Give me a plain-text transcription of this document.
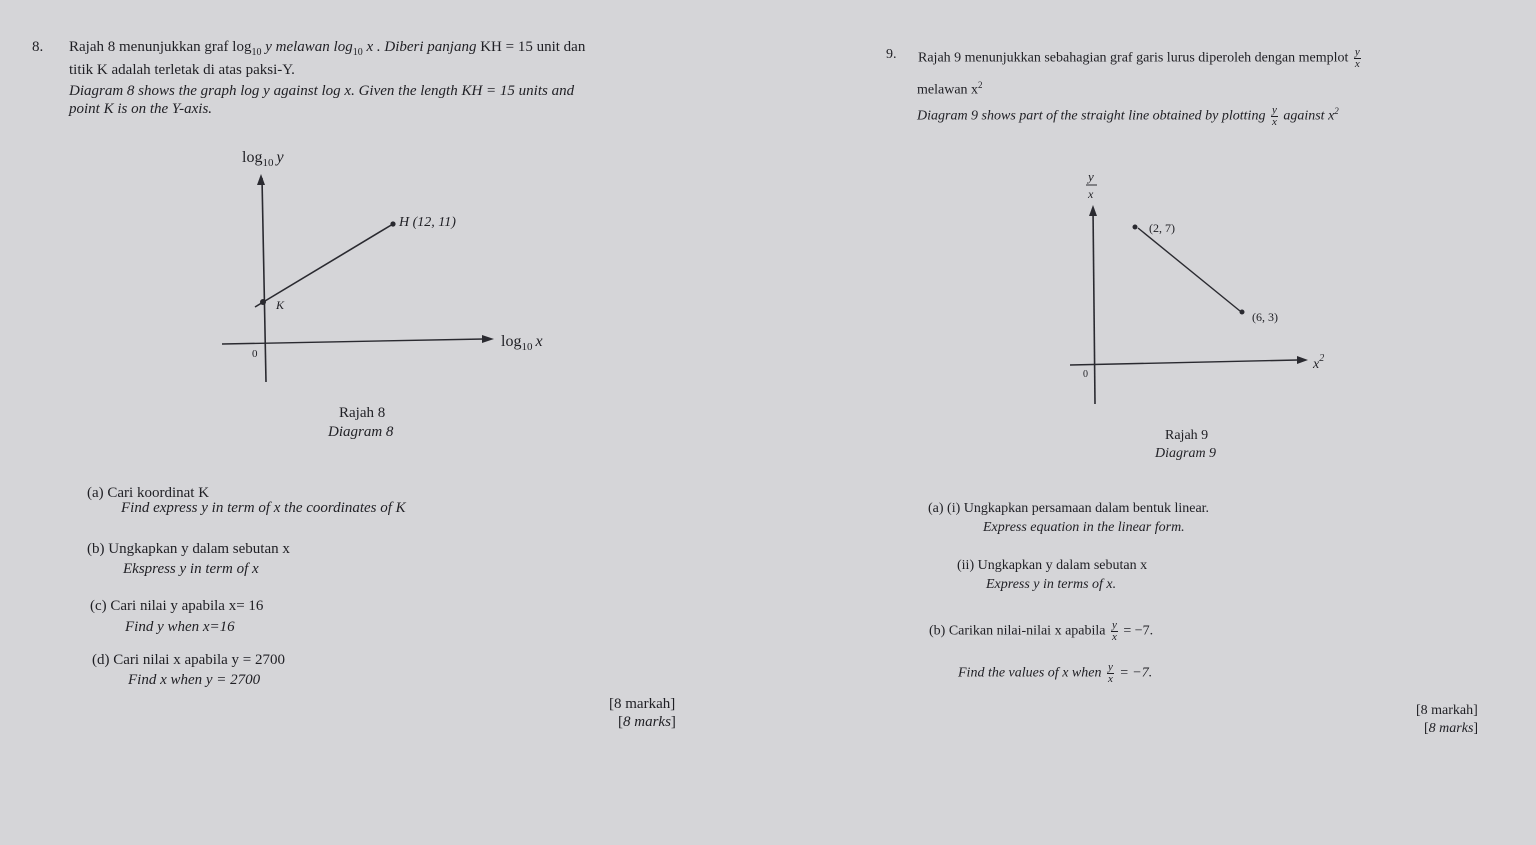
8. Rajah 8 menunjukkan graf $\log_{10} y$ melawan $\log_{10} x$ . Diberi panjang KH = 15 unit dan
titik K adalah terletak di atas paksi-Y.
Diagram 8 shows the graph log y against log x. Given the length KH = 15 units and
point K is on the Y-axis.
$\log_{10} y$
$\log_{10} x$
H (12, 11)
K
0
Rajah 8
Diagram 8
(a) Cari koordinat K
Find express y in term of x the coordinates of K
(b) Ungkapkan y dalam sebutan x
Ekspress y in term of x
(c) Cari nilai y apabila x= 16
Find y when x=16
(d) Cari nilai x apabila y = 2700
Find x when y = 2700
[8 markah]
[8 marks]
9. Rajah 9 menunjukkan sebahagian graf garis lurus diperoleh dengan memplot $\frac{y}{x}$
melawan $x^2$
Diagram 9 shows part of the straight line obtained by plotting $\frac{y}{x}$ against $x^2$
y
x
$x^2$
(2, 7)
(6, 3)
0
Rajah 9
Diagram 9
(a) (i) Ungkapkan persamaan dalam bentuk linear.
Express equation in the linear form.
(ii) Ungkapkan y dalam sebutan x
Express y in terms of x.
(b) Carikan nilai-nilai x apabila $\frac{y}{x} = -7$.
Find the values of x when $\frac{y}{x} = -7$.
[8 markah]
[8 marks]
